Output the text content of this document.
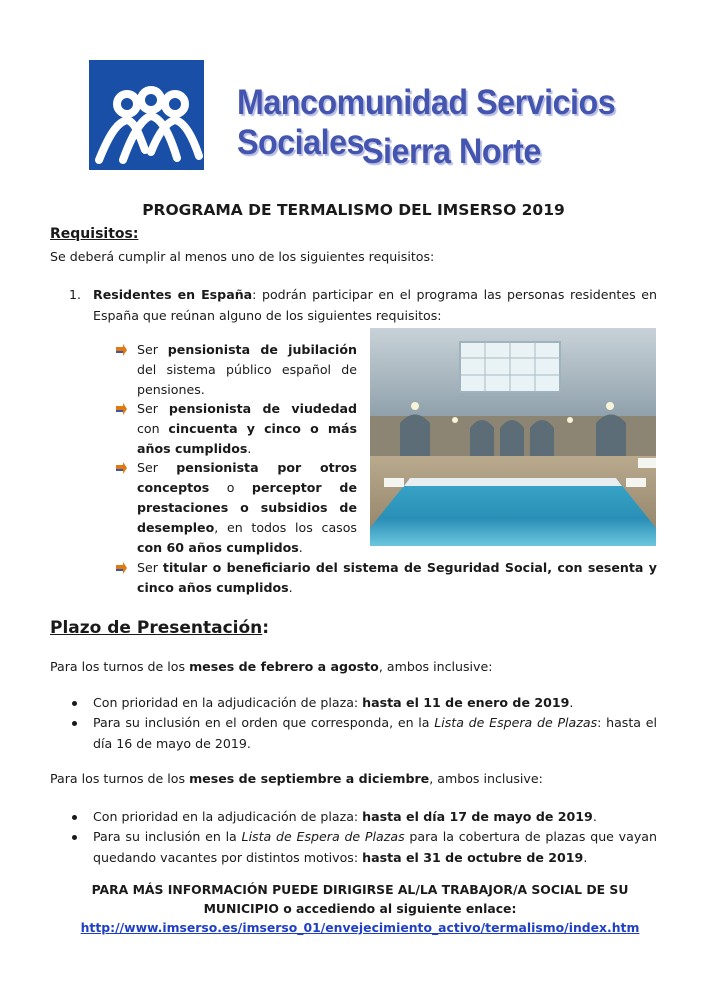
Mancomunidad Servicios Sociales
Sierra Norte
PROGRAMA DE TERMALISMO DEL IMSERSO 2019
Requisitos:
Se deberá cumplir al menos uno de los siguientes requisitos:
1. Residentes en España: podrán participar en el programa las personas residentes en España que reúnan alguno de los siguientes requisitos:
Ser pensionista de jubilación del sistema público español de pensiones.
Ser pensionista de viudedad con cincuenta y cinco o más años cumplidos.
Ser pensionista por otros conceptos o perceptor de prestaciones o subsidios de desempleo, en todos los casos con 60 años cumplidos.
Ser titular o beneficiario del sistema de Seguridad Social, con sesenta y cinco años cumplidos.
Plazo de Presentación:
Para los turnos de los meses de febrero a agosto, ambos inclusive:
Con prioridad en la adjudicación de plaza: hasta el 11 de enero de 2019.
Para su inclusión en el orden que corresponda, en la Lista de Espera de Plazas: hasta el día 16 de mayo de 2019.
Para los turnos de los meses de septiembre a diciembre, ambos inclusive:
Con prioridad en la adjudicación de plaza: hasta el día 17 de mayo de 2019.
Para su inclusión en la Lista de Espera de Plazas para la cobertura de plazas que vayan quedando vacantes por distintos motivos: hasta el 31 de octubre de 2019.
PARA MÁS INFORMACIÓN PUEDE DIRIGIRSE AL/LA TRABAJOR/A SOCIAL DE SU
MUNICIPIO o accediendo al siguiente enlace:
http://www.imserso.es/imserso_01/envejecimiento_activo/termalismo/index.htm
